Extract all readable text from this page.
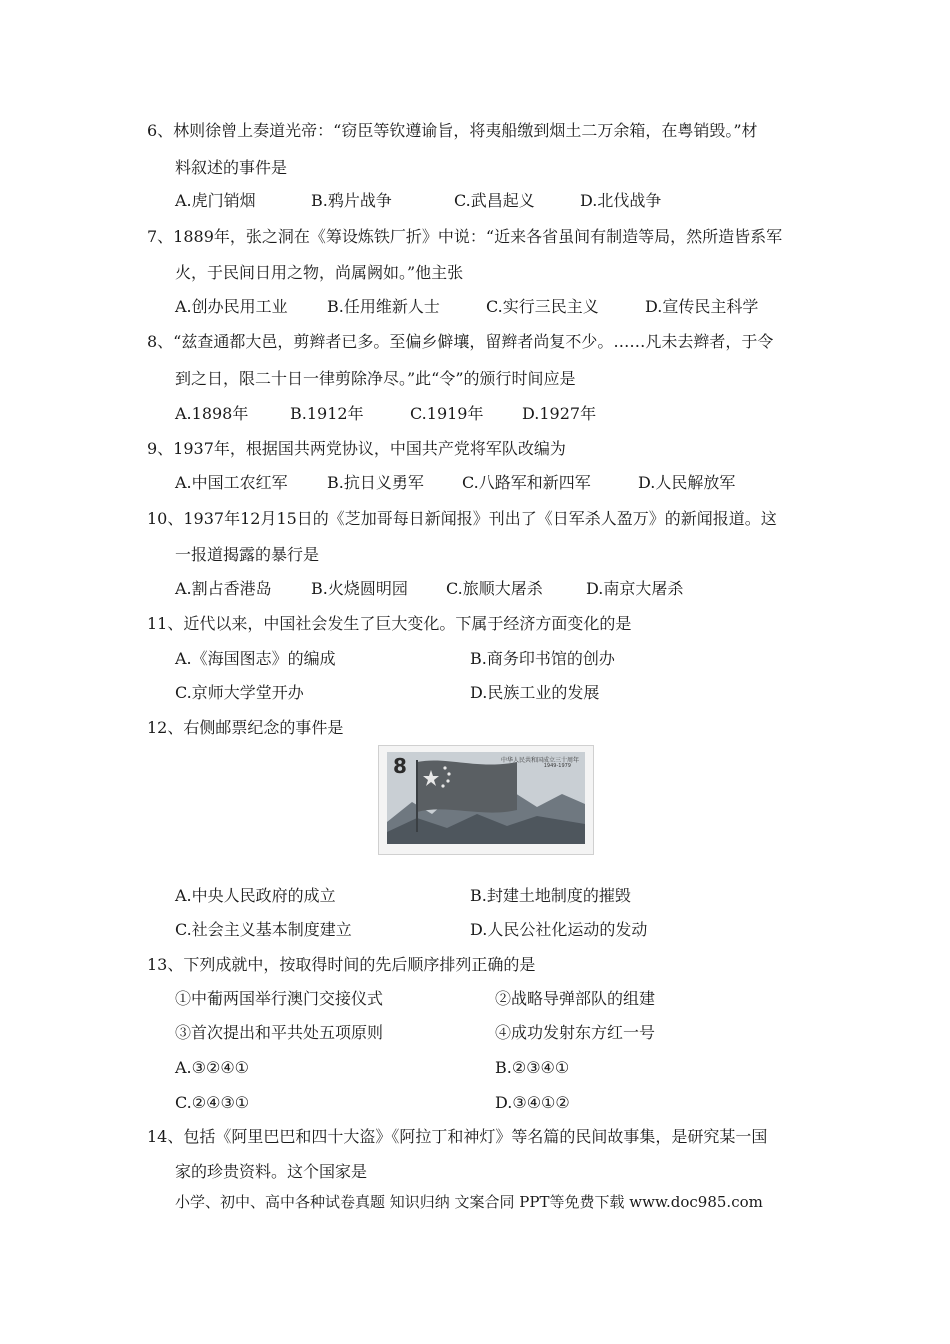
6、林则徐曾上奏道光帝：“窃臣等钦遵谕旨，将夷船缴到烟土二万余箱，在粤销毁。”材
料叙述的事件是
A.虎门销烟	B.鸦片战争	C.武昌起义	D.北伐战争
7、1889年，张之洞在《筹设炼铁厂折》中说：“近来各省虽间有制造等局，然所造皆系军
火，于民间日用之物，尚属阙如。”他主张
A.创办民用工业 B.任用维新人士	C.实行三民主义	D.宣传民主科学
8、“兹查通都大邑，剪辫者已多。至偏乡僻壤，留辫者尚复不少。……凡未去辫者，于令
到之日，限二十日一律剪除净尽。”此“令”的颁行时间应是
A.1898年	B.1912年	C.1919年 D.1927年
9、1937年，根据国共两党协议，中国共产党将军队改编为
A.中国工农红军 B.抗日义勇军 C.八路军和新四军	D.人民解放军
10、1937年12月15日的《芝加哥每日新闻报》刊出了《日军杀人盈万》的新闻报道。这
一报道揭露的暴行是
A.割占香港岛 B.火烧圆明园 C.旅顺大屠杀	D.南京大屠杀
11、近代以来，中国社会发生了巨大变化。下属于经济方面变化的是
A.《海国图志》的编成	B.商务印书馆的创办
C.京师大学堂开办	D.民族工业的发展
12、右侧邮票纪念的事件是
8	中华人民共和国成立三十周年
1949-1979
A.中央人民政府的成立	B.封建土地制度的摧毁
C.社会主义基本制度建立	D.人民公社化运动的发动
13、下列成就中，按取得时间的先后顺序排列正确的是
①中葡两国举行澳门交接仪式	②战略导弹部队的组建
③首次提出和平共处五项原则	④成功发射东方红一号
A.③②④①	B.②③④①
C.②④③①	D.③④①②
14、包括《阿里巴巴和四十大盗》《阿拉丁和神灯》等名篇的民间故事集，是研究某一国
家的珍贵资料。这个国家是
小学、初中、高中各种试卷真题 知识归纳 文案合同 PPT等免费下载 www.doc985.com
